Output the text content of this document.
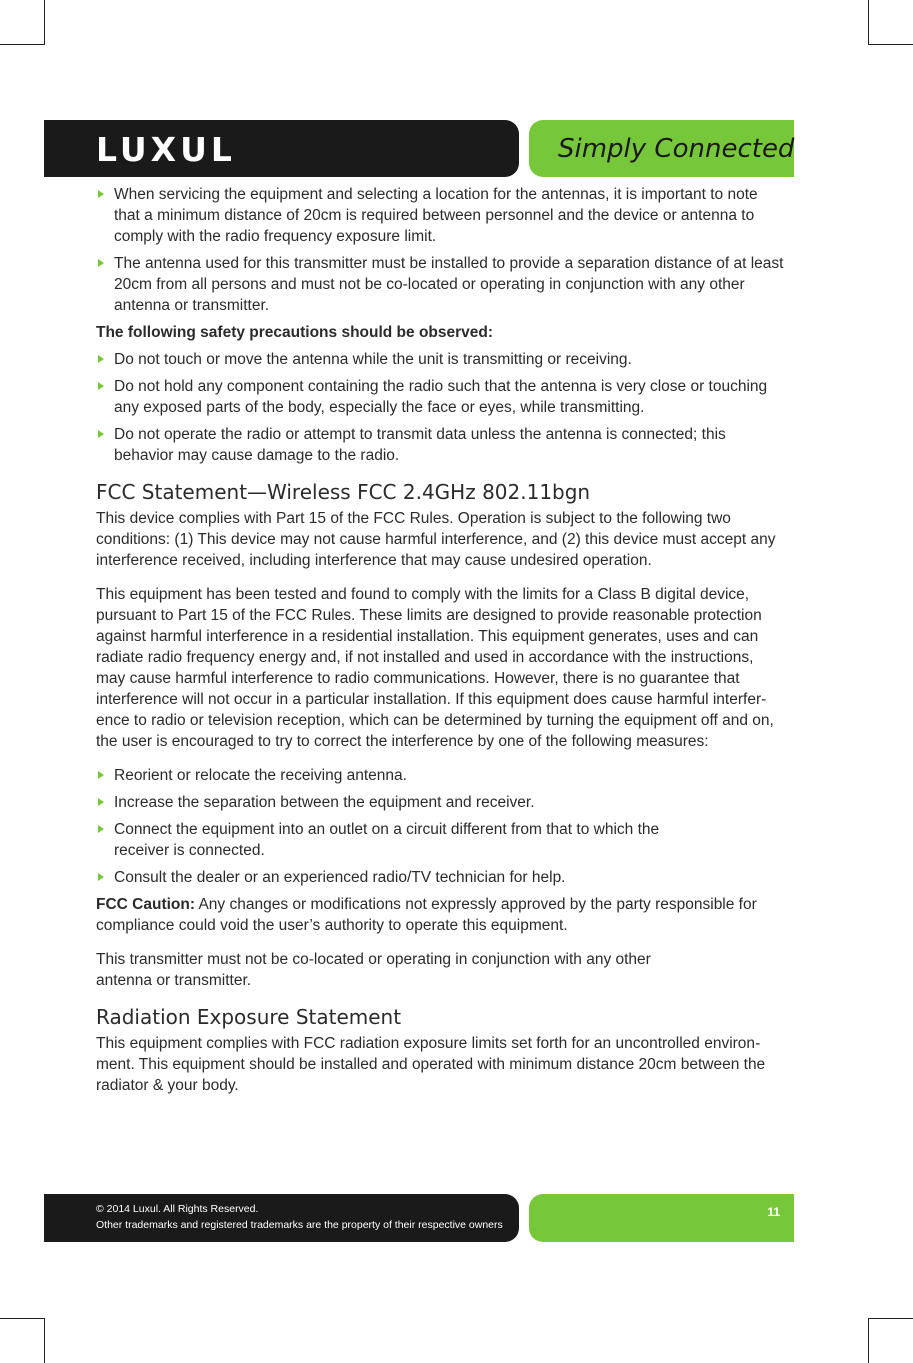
LUXUL	Simply Connected
When servicing the equipment and selecting a location for the antennas, it is important to note that a minimum distance of 20cm is required between personnel and the device or antenna to comply with the radio frequency exposure limit.
The antenna used for this transmitter must be installed to provide a separation distance of at least 20cm from all persons and must not be co-located or operating in conjunction with any other antenna or transmitter.
The following safety precautions should be observed:
Do not touch or move the antenna while the unit is transmitting or receiving.
Do not hold any component containing the radio such that the antenna is very close or touching any exposed parts of the body, especially the face or eyes, while transmitting.
Do not operate the radio or attempt to transmit data unless the antenna is connected; this behavior may cause damage to the radio.
FCC Statement—Wireless FCC 2.4GHz 802.11bgn

This device complies with Part 15 of the FCC Rules. Operation is subject to the following two conditions: (1) This device may not cause harmful interference, and (2) this device must accept any interference received, including interference that may cause undesired operation.

This equipment has been tested and found to comply with the limits for a Class B digital device, pursuant to Part 15 of the FCC Rules. These limits are designed to provide reasonable protection against harmful interference in a residential installation. This equipment generates, uses and can radiate radio frequency energy and, if not installed and used in accordance with the instructions, may cause harmful interference to radio communications. However, there is no guarantee that interference will not occur in a particular installation. If this equipment does cause harmful interference to radio or television reception, which can be determined by turning the equipment off and on, the user is encouraged to try to correct the interference by one of the following measures:

Reorient or relocate the receiving antenna.
Increase the separation between the equipment and receiver.
Connect the equipment into an outlet on a circuit different from that to which the receiver is connected.
Consult the dealer or an experienced radio/TV technician for help.

FCC Caution: Any changes or modiﬁcations not expressly approved by the party responsible for compliance could void the user’s authority to operate this equipment.

This transmitter must not be co-located or operating in conjunction with any other antenna or transmitter.

Radiation Exposure Statement

This equipment complies with FCC radiation exposure limits set forth for an uncontrolled environment. This equipment should be installed and operated with minimum distance 20cm between the radiator & your body.

© 2014 Luxul. All Rights Reserved.
Other trademarks and registered trademarks are the property of their respective owners
11
